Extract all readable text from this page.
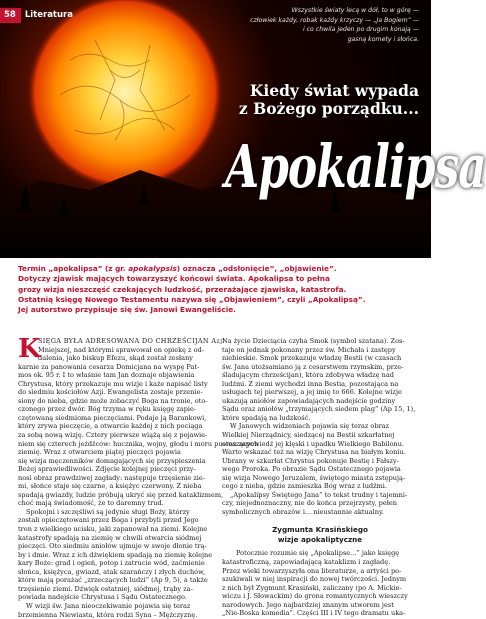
58	Literatura	Wszystkie światy lecą w dół, to w górę —
człowiek każdy, robak każdy krzyczy — „Ja Bogiem” —
i co chwila jeden po drugim konają —
gasną komety i słońca.
Kiedy świat wypada
z Bożego porządku...
Apokalipsa
Termin „apokalipsa” (z gr. apokalypsis) oznacza „odsłonięcie”, „objawienie”.
Dotyczy zjawisk mających towarzyszyć końcowi świata. Apokalipsa to pełna
grozy wizja nieszczęść czekających ludzkość, przerażające zjawiska, katastrofa.
Ostatnią księgę Nowego Testamentu nazywa się „Objawieniem”, czyli „Apokalipsą”.
Jej autorstwo przypisuje się św. Janowi Ewangeliście.
K
SIĘGA BYŁA ADRESOWANA DO CHRZEŚCIJAN Azji
Mniejszej, nad którymi sprawował on opiekę z od-
dalenia, jako biskup Efezu, skąd został zesłany
karnie za panowania cesarza Domicjana na wyspę Pat-
mos ok. 95 r. I to właśnie tam Jan doznaje objawienia
Chrystusa, który przekazuje mu wizje i każe napisać listy
do siedmiu kościołów Azji. Ewangelista zostaje przenie-
siony do nieba, gdzie może zobaczyć Boga na tronie, oto-
czonego przez dwór. Bóg trzyma w ręku księgę zapie-
czętowaną siedmioma pieczęciami. Podaje ją Barankowi,
który zrywa pieczęcie, a otwarcie każdej z nich pociąga
za sobą nową wizję. Cztery pierwsze wiążą się z pojawie-
niem się czterech jeźdźców: hucznika, wojny, głodu i moru pustoszących
ziemię. Wraz z otwarciem piątej pieczęci pojawia
się wizja męczenników domagających się przyspieszenia
Bożej sprawiedliwości. Zdjęcie kolejnej pieczęci przy-
nosi obraz prawdziwej zagłady: następuje trzęsienie zie-
mi, słońce staje się czarne, a księżyc czerwony. Z nieba
spadają gwiazdy, ludzie próbują ukryć się przed kataklizmem,
choć mają świadomość, że to daremny trud.
Spokojni i szczęśliwi są jedynie sługi Boży, którzy
zostali opieczętowani przez Boga i przybyli przed Jego
tron z wielkiego ucisku, jaki zapanował na ziemi. Kolejne
katastrofy spadają na ziemię w chwili otwarcia siódmej
pieczęci. Oto siedmiu aniołów ujmuje w swoje dłonie trą-
by i dmie. Wraz z ich dźwiękiem spadają na ziemię kolejne
kary Boże: grad i ogień, potop i zatrucie wód, zaćmienie
słońca, księżyca, gwiazd, atak szarańczy i złych duchów,
które mają porażać „zrzeczących ludzi” (Ap 9, 5), a także
trzęsienie ziemi. Dźwięk ostatniej, siódmej, trąby za-
powiada nadejście Chrystusa i Sądu Ostatecznego.
W wizji św. Jana nieoczekiwanie pojawia się teraz
brzemienna Niewiasta, która rodzi Syna – Mężczyznę.
Na życie Dzieciącia czyha Smok (symbol szatana). Zos-
taje on jednak pokonany przez św. Michała i zastępy
niebieskie. Smok przekazuje władzę Bestii (w czasach
św. Jana utożsamiano ją z cesarstwem rzymskim, prze-
śladującym chrześcijan), która zdobywa władzę nad
ludźmi. Z ziemi wychodzi inna Bestia, pozostająca na
usługach tej pierwszej, a jej imię to 666. Kolejne wizje
ukazują aniołów zapowiadających nadejście godziny
Sądu oraz aniołów „trzymających siedem plag” (Ap 15, 1),
które spadają na ludzkość.
W Janowych widzeniach pojawia się teraz obraz
Wielkiej Nierządnicy, siedzącej na Bestii szkarłatnej
oraz zapowiedź jej klęski i upadku Wielkiego Babilonu.
Warto wskazać też na wizję Chrystusa na białym koniu.
Ubrany w szkarłat Chrystus pokonuje Bestię i Fałszy-
wego Proroka. Po obrazie Sądu Ostatecznego pojawia
się wizja Nowego Jeruzalem, świętego miasta zstępują-
cego z nieba, gdzie zamieszka Bóg wraz z ludźmi.
„Apokalipsy Świętego Jana” to tekst trudny i tajemni-
czy, niejednoznaczny, nie do końca przejrzysty, pełen
symbolicznych obrazów i... nieustannie aktualny.
Zygmunta Krasińskiego
wizje apokaliptyczne
Potocznie rozumie się „Apokalipse...” jako księgę
katastroficzną, zapowiadającą kataklizm i zagładę.
Przez wieki towarzyszyła ona literaturze, a artyści po-
szukiwali w niej inspiracji do nowej twórczości. Jednym
z nich był Zygmunt Krasiński, zaliczany (po A. Mickie-
wiczu i J. Słowackim) do grona romantycznych wieszczy
narodowych. Jego najbardziej znanym utworem jest
„Nie-Boska komedia”. Części III i IV tego dramatu uka-
